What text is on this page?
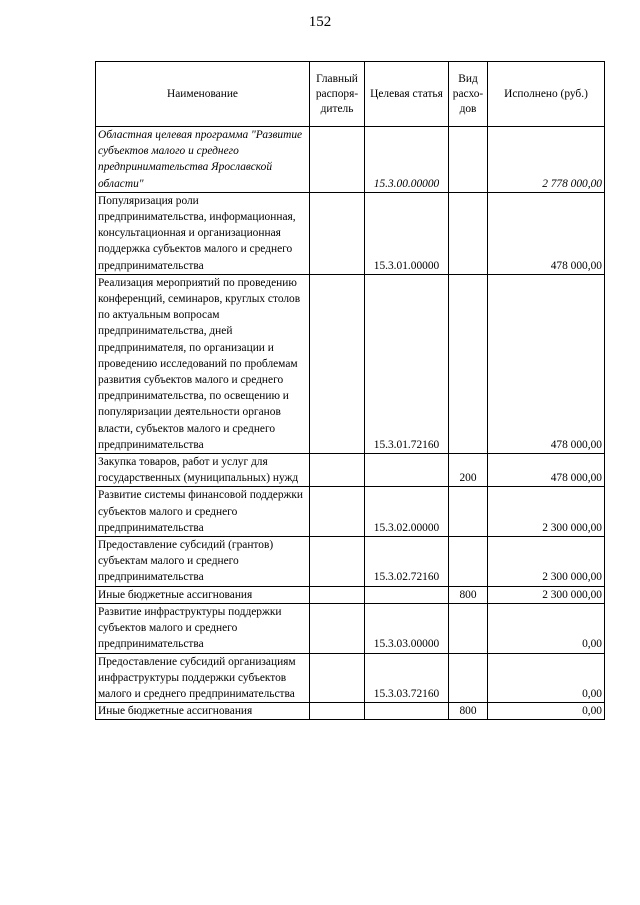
152
Наименование	Главный распоря-дитель	Целевая статья	Вид расхо-дов	Исполнено (руб.)
Областная целевая программа "Развитие субъектов малого и среднего предпринимательства Ярославской области"		15.3.00.00000		2 778 000,00
Популяризация роли предпринимательства, информационная, консультационная и организационная поддержка субъектов малого и среднего предпринимательства		15.3.01.00000		478 000,00
Реализация мероприятий по проведению конференций, семинаров, круглых столов по актуальным вопросам предпринимательства, дней предпринимателя, по организации и проведению исследований по проблемам развития субъектов малого и среднего предпринимательства, по освещению и популяризации деятельности органов власти, субъектов малого и среднего предпринимательства		15.3.01.72160		478 000,00
Закупка товаров, работ и услуг для государственных (муниципальных) нужд			200	478 000,00
Развитие системы финансовой поддержки субъектов малого и среднего предпринимательства		15.3.02.00000		2 300 000,00
Предоставление субсидий (грантов) субъектам малого и среднего предпринимательства		15.3.02.72160		2 300 000,00
Иные бюджетные ассигнования			800	2 300 000,00
Развитие инфраструктуры поддержки субъектов малого и среднего предпринимательства		15.3.03.00000		0,00
Предоставление субсидий организациям инфраструктуры поддержки субъектов малого и среднего предпринимательства		15.3.03.72160		0,00
Иные бюджетные ассигнования			800	0,00
